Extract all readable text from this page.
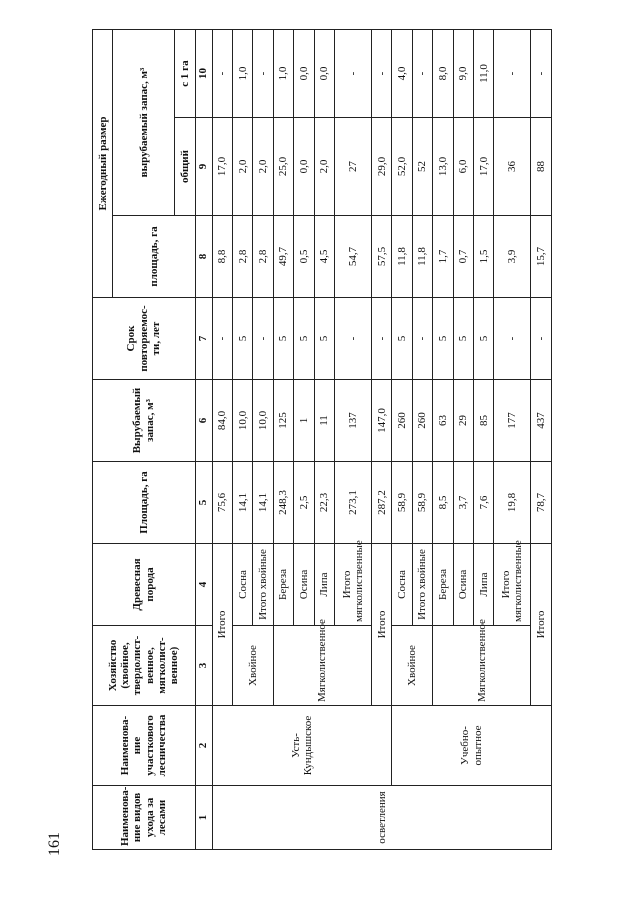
Наименова-ние видов ухода за лесами	Наименова-ние участкового лесничества	Хозяйство (хвойное, твердолист-венное, мягколист-венное)	Древесная порода	Площадь, га	Вырубаемый запас, м³	Срок повторяемос-ти, лет	Ежегодный размер		
							площадь, га	вырубаемый запас, м³	
								общий	с 1 га
1	2	3	4	5	6	7	8	9	10
осветления	Усть-Кундышское	Итого		75,6	84,0	-	8,8	17,0	-
		Хвойное	Сосна	14,1	10,0	5	2,8	2,0	1,0
			Итого хвойные	14,1	10,0	-	2,8	2,0	-
		Мягколиственное	Береза	248,3	125	5	49,7	25,0	1,0
			Осина	2,5	1	5	0,5	0,0	0,0
			Липа	22,3	11	5	4,5	2,0	0,0
			Итого мягколиственные	273,1	137	-	54,7	27	-
		Итого		287,2	147,0	-	57,5	29,0	-
	Учебно-опытное	Хвойное	Сосна	58,9	260	5	11,8	52,0	4,0
			Итого хвойные	58,9	260	-	11,8	52	-
		Мягколиственное	Береза	8,5	63	5	1,7	13,0	8,0
			Осина	3,7	29	5	0,7	6,0	9,0
			Липа	7,6	85	5	1,5	17,0	11,0
			Итого мягколиственные	19,8	177	-	3,9	36	-
		Итого		78,7	437	-	15,7	88	-
161
